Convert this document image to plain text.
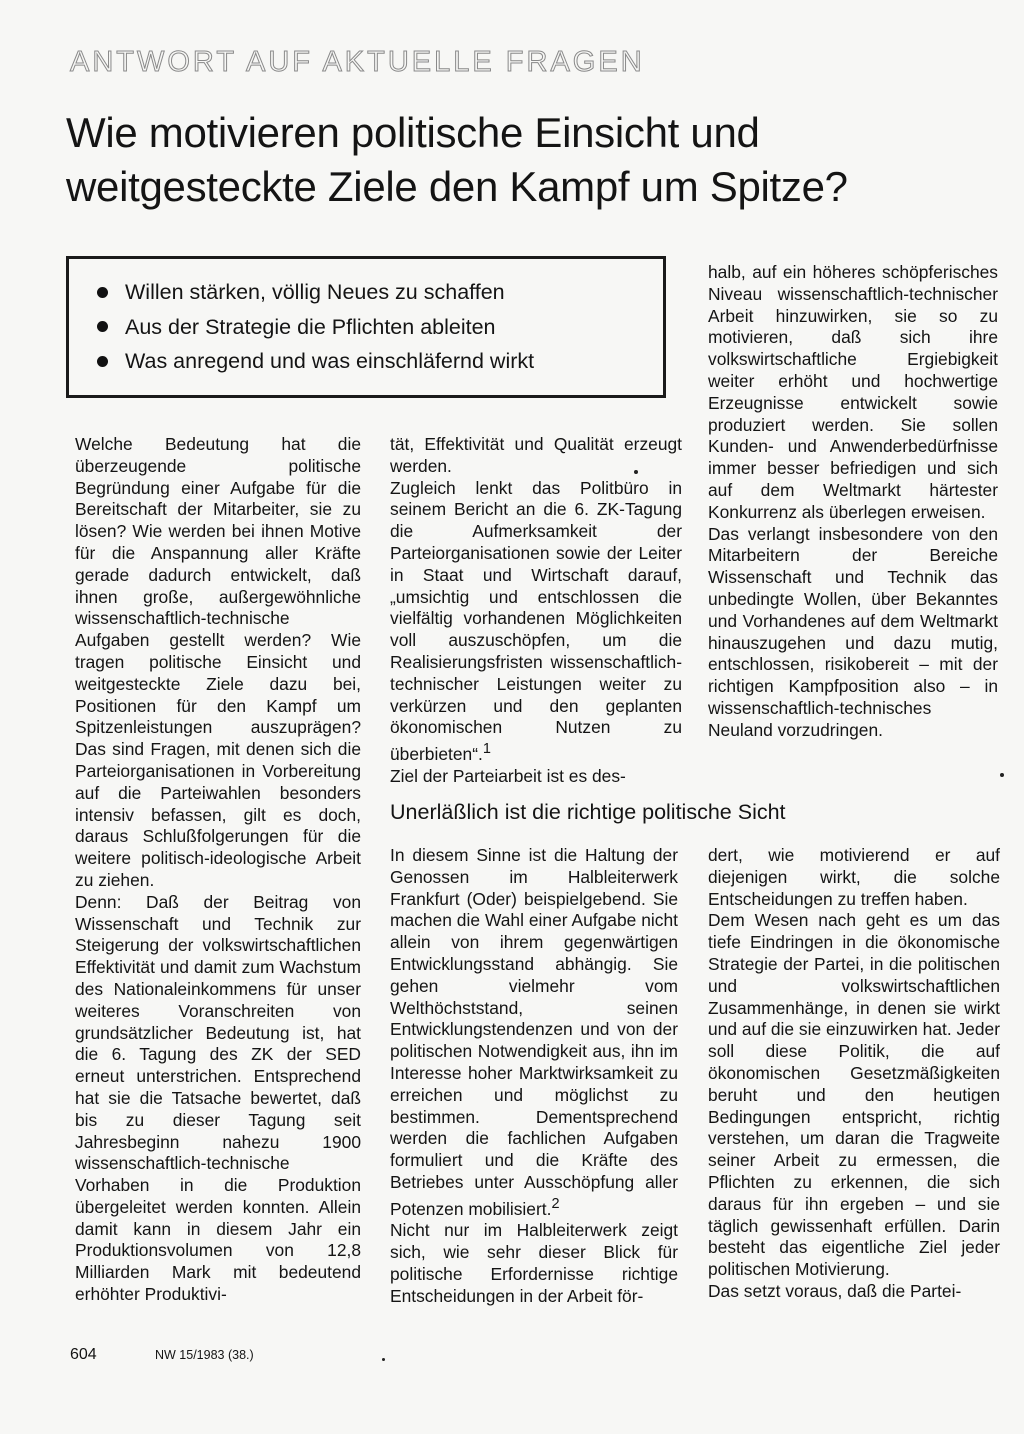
ANTWORT AUF AKTUELLE FRAGEN
Wie motivieren politische Einsicht und weitgesteckte Ziele den Kampf um Spitze?
Willen stärken, völlig Neues zu schaffen
Aus der Strategie die Pflichten ableiten
Was anregend und was einschläfernd wirkt

Welche Bedeutung hat die überzeugende politische Begründung einer Aufgabe für die Bereitschaft der Mitarbeiter, sie zu lösen? Wie werden bei ihnen Motive für die Anspannung aller Kräfte gerade dadurch entwickelt, daß ihnen große, außergewöhnliche wissenschaftlich-technische Aufgaben gestellt werden? Wie tragen politische Einsicht und weitgesteckte Ziele dazu bei, Positionen für den Kampf um Spitzenleistungen auszuprägen? Das sind Fragen, mit denen sich die Parteiorganisationen in Vorbereitung auf die Parteiwahlen besonders intensiv befassen, gilt es doch, daraus Schlußfolgerungen für die weitere politisch-ideologische Arbeit zu ziehen.

Denn: Daß der Beitrag von Wissenschaft und Technik zur Steigerung der volkswirtschaftlichen Effektivität und damit zum Wachstum des Nationaleinkommens für unser weiteres Voranschreiten von grundsätzlicher Bedeutung ist, hat die 6. Tagung des ZK der SED erneut unterstrichen. Entsprechend hat sie die Tatsache bewertet, daß bis zu dieser Tagung seit Jahresbeginn nahezu 1900 wissenschaftlich-technische Vorhaben in die Produktion übergeleitet werden konnten. Allein damit kann in diesem Jahr ein Produktionsvolumen von 12,8 Milliarden Mark mit bedeutend erhöhter Produktivi-

tät, Effektivität und Qualität erzeugt werden.

Zugleich lenkt das Politbüro in seinem Bericht an die 6. ZK-Tagung die Aufmerksamkeit der Parteiorganisationen sowie der Leiter in Staat und Wirtschaft darauf, „umsichtig und entschlossen die vielfältig vorhandenen Möglichkeiten voll auszuschöpfen, um die Realisierungsfristen wissenschaftlich-technischer Leistungen weiter zu verkürzen und den geplanten ökonomischen Nutzen zu überbieten“.$^1$

Ziel der Parteiarbeit ist es des-

halb, auf ein höheres schöpferisches Niveau wissenschaftlich-technischer Arbeit hinzuwirken, sie so zu motivieren, daß sich ihre volkswirtschaftliche Ergiebigkeit weiter erhöht und hochwertige Erzeugnisse entwickelt sowie produziert werden. Sie sollen Kunden- und Anwenderbedürfnisse immer besser befriedigen und sich auf dem Weltmarkt härtester Konkurrenz als überlegen erweisen.

Das verlangt insbesondere von den Mitarbeitern der Bereiche Wissenschaft und Technik das unbedingte Wollen, über Bekanntes und Vorhandenes auf dem Weltmarkt hinauszugehen und dazu mutig, entschlossen, risikobereit – mit der richtigen Kampfposition also – in wissenschaftlich-technisches Neuland vorzudringen.

Unerläßlich ist die richtige politische Sicht

In diesem Sinne ist die Haltung der Genossen im Halbleiterwerk Frankfurt (Oder) beispielgebend. Sie machen die Wahl einer Aufgabe nicht allein von ihrem gegenwärtigen Entwicklungsstand abhängig. Sie gehen vielmehr vom Welthöchststand, seinen Entwicklungstendenzen und von der politischen Notwendigkeit aus, ihn im Interesse hoher Marktwirksamkeit zu erreichen und möglichst zu bestimmen. Dementsprechend werden die fachlichen Aufgaben formuliert und die Kräfte des Betriebes unter Ausschöpfung aller Potenzen mobilisiert.$^2$

Nicht nur im Halbleiterwerk zeigt sich, wie sehr dieser Blick für politische Erfordernisse richtige Entscheidungen in der Arbeit för-

dert, wie motivierend er auf diejenigen wirkt, die solche Entscheidungen zu treffen haben.

Dem Wesen nach geht es um das tiefe Eindringen in die ökonomische Strategie der Partei, in die politischen und volkswirtschaftlichen Zusammenhänge, in denen sie wirkt und auf die sie einzuwirken hat. Jeder soll diese Politik, die auf ökonomischen Gesetzmäßigkeiten beruht und den heutigen Bedingungen entspricht, richtig verstehen, um daran die Tragweite seiner Arbeit zu ermessen, die Pflichten zu erkennen, die sich daraus für ihn ergeben – und sie täglich gewissenhaft erfüllen. Darin besteht das eigentliche Ziel jeder politischen Motivierung.

Das setzt voraus, daß die Partei-

604	NW 15/1983 (38.)
